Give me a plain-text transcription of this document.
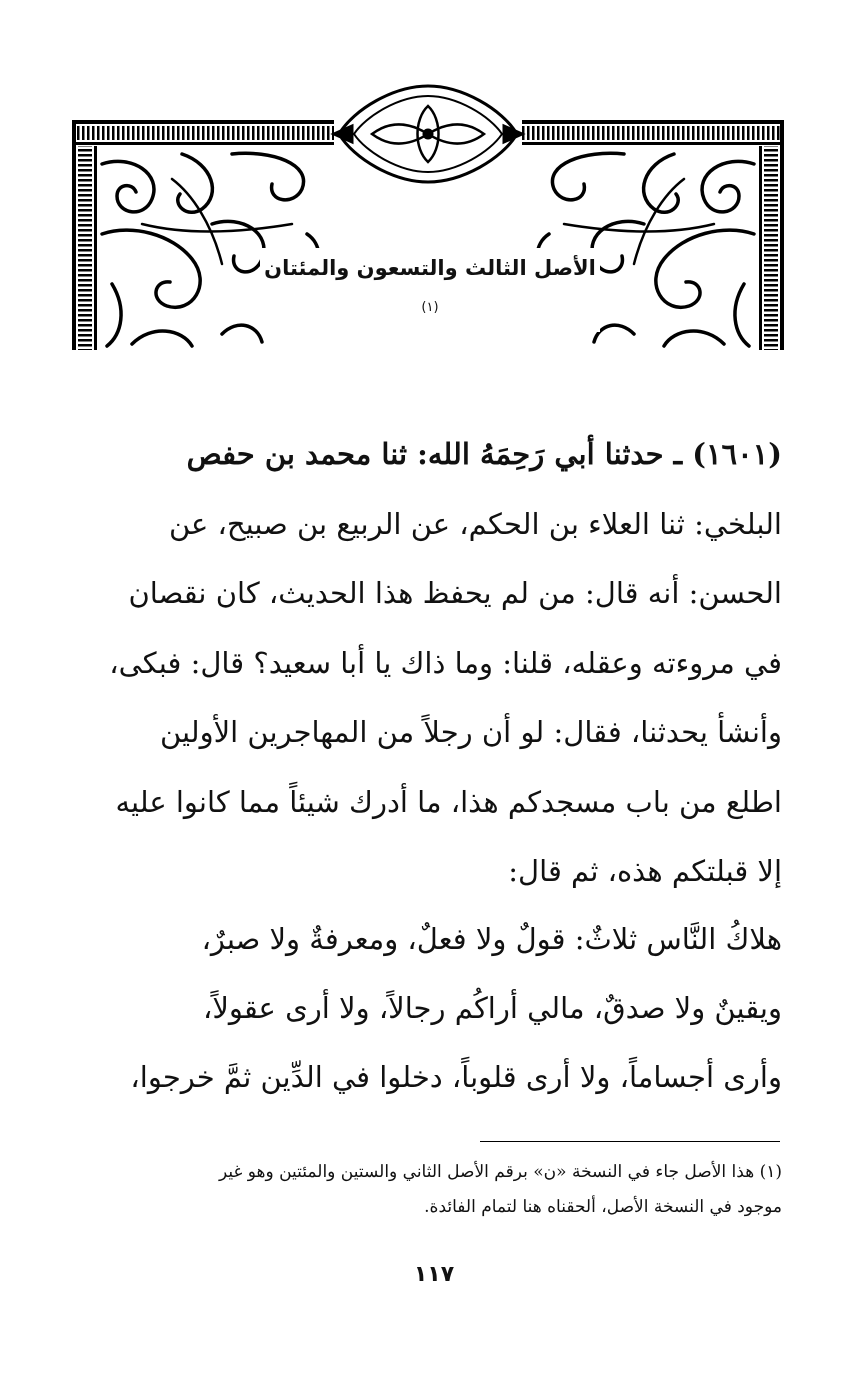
الأصل الثالث والتسعون والمئتان $^{(١)}$
(١٦٠١) ـ حدثنا أبي رَحِمَهُ الله: ثنا محمد بن حفص
البلخي: ثنا العلاء بن الحكم، عن الربيع بن صبيح، عن
الحسن: أنه قال: من لم يحفظ هذا الحديث، كان نقصان
في مروءته وعقله، قلنا: وما ذاك يا أبا سعيد؟ قال: فبكى،
وأنشأ يحدثنا، فقال: لو أن رجلاً من المهاجرين الأولين
اطلع من باب مسجدكم هذا، ما أدرك شيئاً مما كانوا عليه
إلا قبلتكم هذه، ثم قال:
هلاكُ النَّاس ثلاثٌ: قولٌ ولا فعلٌ، ومعرفةٌ ولا صبرٌ،
ويقينٌ ولا صدقٌ، مالي أراكُم رجالاً، ولا أرى عقولاً،
وأرى أجساماً، ولا أرى قلوباً، دخلوا في الدِّين ثمَّ خرجوا،
(١) هذا الأصل جاء في النسخة «ن» برقم الأصل الثاني والستين والمئتين وهو غير
موجود في النسخة الأصل، ألحقناه هنا لتمام الفائدة.
١١٧
